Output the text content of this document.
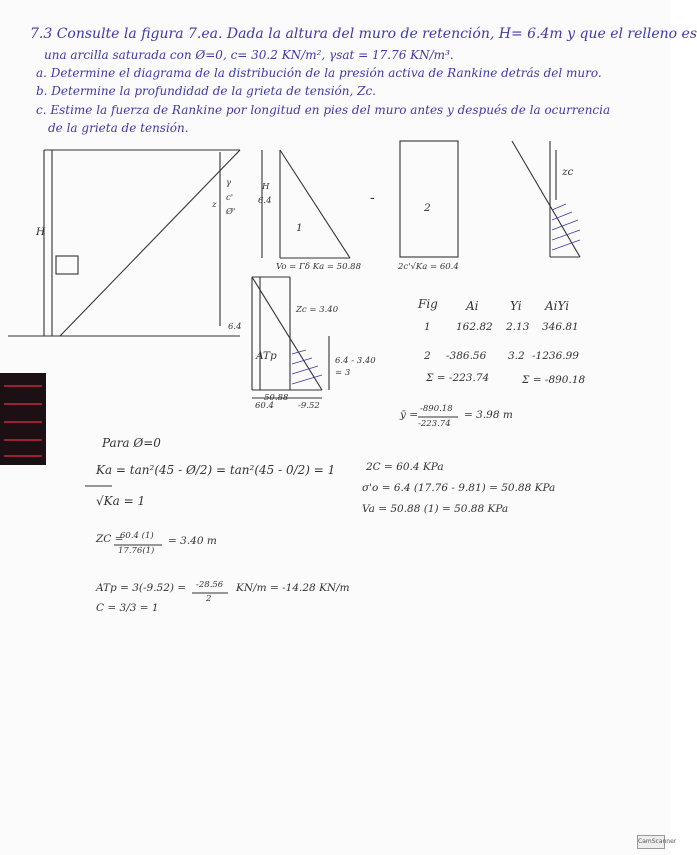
7.3 Consulte la figura 7.ea. Dada la altura del muro de retención, H= 6.4m y que el relleno es
una arcilla saturada con Ø=0, c= 30.2 KN/m², γsat = 17.76 KN/m³.
a. Determine el diagrama de la distribución de la presión activa de Rankine detrás del muro.
b. Determine la profundidad de la grieta de tensión, Zc.
c. Estime la fuerza de Rankine por longitud en pies del muro antes y después de la ocurrencia
de la grieta de tensión.
H
z
γ
c'
Ø'
H
6.4
1
Vo = Γδ Ka = 50.88
-
2
2c'√Ka = 60.4
zc
Zc = 3.40
6.4
ATp	6.4 - 3.40
= 3
50.88
60.4	-9.52
Fig Ai	Yi AiYi
1 162.82 2.13 346.81
2 -386.56 3.2 -1236.99
Σ = -223.74	Σ = -890.18
ȳ = -890.18
-223.74
= 3.98 m
Para Ø=0
Ka = tan²(45 - Ø/2) = tan²(45 - 0/2) = 1
√Ka = 1
ZC =
60.4 (1)
17.76(1)
= 3.40 m
2C = 60.4 KPa
σ'o = 6.4 (17.76 - 9.81) = 50.88 KPa
Va = 50.88 (1) = 50.88 KPa
ATp = 3(-9.52) = -28.56
2
KN/m = -14.28 KN/m
C = 3/3 = 1
CamScanner
